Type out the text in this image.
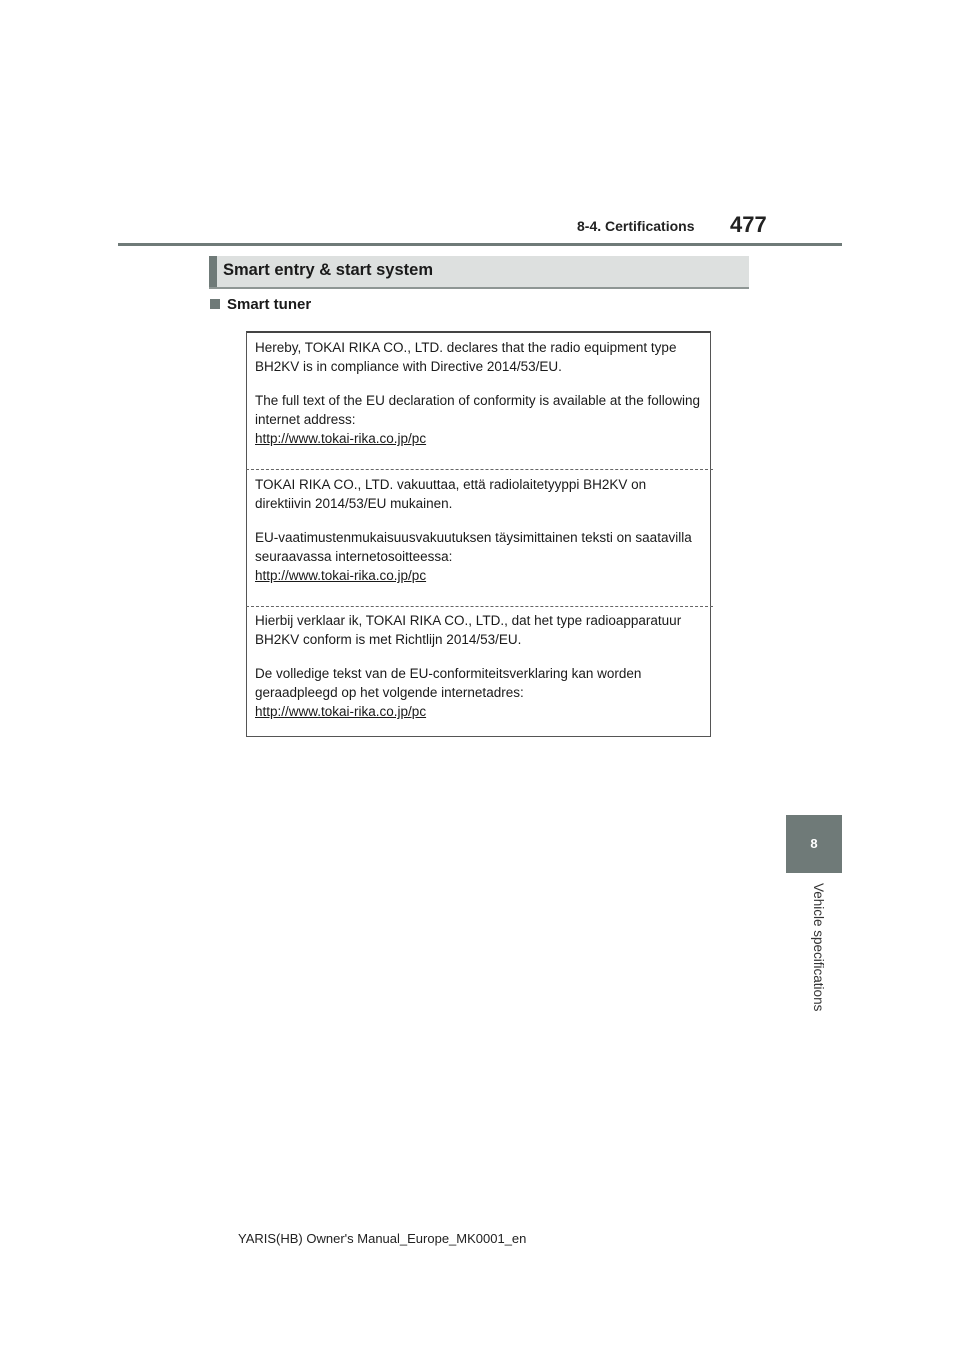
8-4. Certifications 477
Smart entry & start system
Smart tuner

Hereby, TOKAI RIKA CO., LTD. declares that the radio equipment type BH2KV is in compliance with Directive 2014/53/EU.

The full text of the EU declaration of conformity is available at the following internet address:
http://www.tokai-rika.co.jp/pc

TOKAI RIKA CO., LTD. vakuuttaa, että radiolaitetyyppi BH2KV on direktiivin 2014/53/EU mukainen.

EU-vaatimustenmukaisuusvakuutuksen täysimittainen teksti on saatavilla seuraavassa internetosoitteessa:
http://www.tokai-rika.co.jp/pc

Hierbij verklaar ik, TOKAI RIKA CO., LTD., dat het type radioapparatuur BH2KV conform is met Richtlijn 2014/53/EU.

De volledige tekst van de EU-conformiteitsverklaring kan worden geraadpleegd op het volgende internetadres:
http://www.tokai-rika.co.jp/pc

8
Vehicle specifications
YARIS(HB) Owner's Manual_Europe_MK0001_en
